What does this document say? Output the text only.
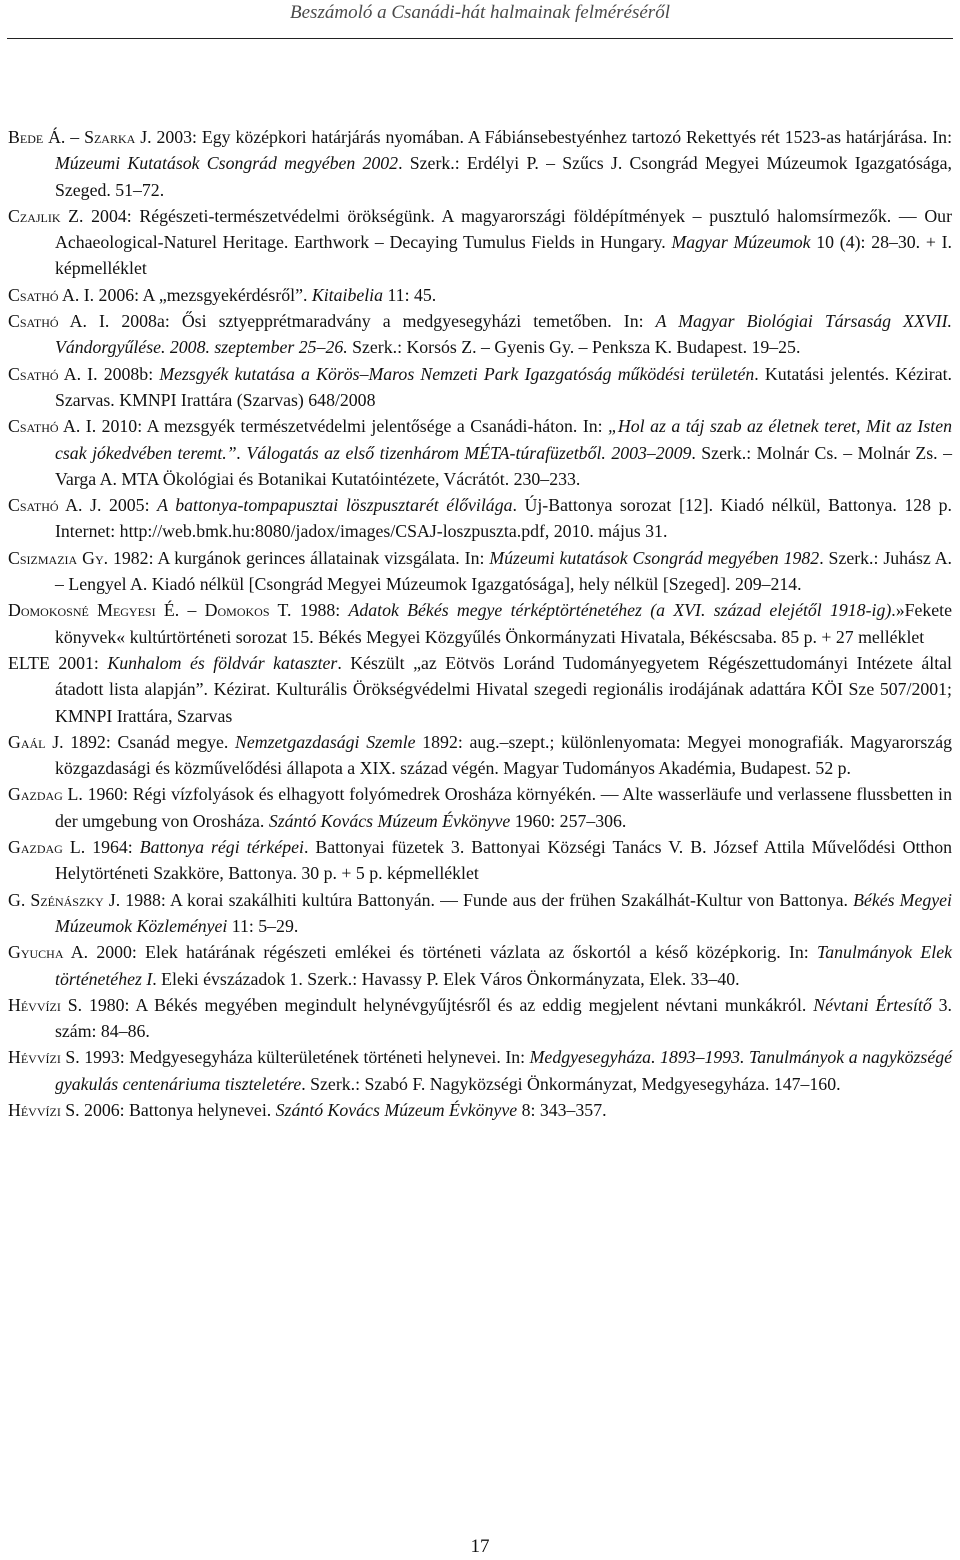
Beszámoló a Csanádi-hát halmainak felméréséről
Bede Á. – Szarka J. 2003: Egy középkori határjárás nyomában. A Fábiánsebestyénhez tartozó Rekettyés rét 1523-as határjárása. In: Múzeumi Kutatások Csongrád megyében 2002. Szerk.: Erdélyi P. – Szűcs J. Csongrád Megyei Múzeumok Igazgatósága, Szeged. 51–72.
Czajlik Z. 2004: Régészeti-természetvédelmi örökségünk. A magyarországi földépítmények – pusztuló halomsírmezők. — Our Achaeological-Naturel Heritage. Earthwork – Decaying Tumulus Fields in Hungary. Magyar Múzeumok 10 (4): 28–30. + I. képmelléklet
Csathó A. I. 2006: A „mezsgyekérdésről”. Kitaibelia 11: 45.
Csathó A. I. 2008a: Ősi sztyepprétmaradvány a medgyesegyházi temetőben. In: A Magyar Biológiai Társaság XXVII. Vándorgyűlése. 2008. szeptember 25–26. Szerk.: Korsós Z. – Gyenis Gy. – Penksza K. Budapest. 19–25.
Csathó A. I. 2008b: Mezsgyék kutatása a Körös–Maros Nemzeti Park Igazgatóság működési területén. Kutatási jelentés. Kézirat. Szarvas. KMNPI Irattára (Szarvas) 648/2008
Csathó A. I. 2010: A mezsgyék természetvédelmi jelentősége a Csanádi-háton. In: „Hol az a táj szab az életnek teret, Mit az Isten csak jókedvében teremt.”. Válogatás az első tizenhárom MÉTA-túrafüzetből. 2003–2009. Szerk.: Molnár Cs. – Molnár Zs. – Varga A. MTA Ökológiai és Botanikai Kutatóintézete, Vácrátót. 230–233.
Csathó A. J. 2005: A battonya-tompapusztai löszpusztarét élővilága. Új-Battonya sorozat [12]. Kiadó nélkül, Battonya. 128 p. Internet: http://web.bmk.hu:8080/jadox/images/CSAJ-loszpuszta.pdf, 2010. május 31.
Csizmazia Gy. 1982: A kurgánok gerinces állatainak vizsgálata. In: Múzeumi kutatások Csongrád megyében 1982. Szerk.: Juhász A. – Lengyel A. Kiadó nélkül [Csongrád Megyei Múzeumok Igazgatósága], hely nélkül [Szeged]. 209–214.
Domokosné Megyesi É. – Domokos T. 1988: Adatok Békés megye térképtörténetéhez (a XVI. század elejétől 1918-ig).»Fekete könyvek« kultúrtörténeti sorozat 15. Békés Megyei Közgyűlés Önkormányzati Hivatala, Békéscsaba. 85 p. + 27 melléklet
ELTE 2001: Kunhalom és földvár kataszter. Készült „az Eötvös Loránd Tudományegyetem Régészettudományi Intézete által átadott lista alapján”. Kézirat. Kulturális Örökségvédelmi Hivatal szegedi regionális irodájának adattára KÖI Sze 507/2001; KMNPI Irattára, Szarvas
Gaál J. 1892: Csanád megye. Nemzetgazdasági Szemle 1892: aug.–szept.; különlenyomata: Megyei monografiák. Magyarország közgazdasági és közművelődési állapota a XIX. század végén. Magyar Tudományos Akadémia, Budapest. 52 p.
Gazdag L. 1960: Régi vízfolyások és elhagyott folyómedrek Orosháza környékén. — Alte wasserläufe und verlassene flussbetten in der umgebung von Orosháza. Szántó Kovács Múzeum Évkönyve 1960: 257–306.
Gazdag L. 1964: Battonya régi térképei. Battonyai füzetek 3. Battonyai Községi Tanács V. B. József Attila Művelődési Otthon Helytörténeti Szakköre, Battonya. 30 p. + 5 p. képmelléklet
G. Szénászky J. 1988: A korai szakálhiti kultúra Battonyán. — Funde aus der frühen Szakálhát-Kultur von Battonya. Békés Megyei Múzeumok Közleményei 11: 5–29.
Gyucha A. 2000: Elek határának régészeti emlékei és történeti vázlata az őskortól a késő középkorig. In: Tanulmányok Elek történetéhez I. Eleki évszázadok 1. Szerk.: Havassy P. Elek Város Önkormányzata, Elek. 33–40.
Hévvízi S. 1980: A Békés megyében megindult helynévgyűjtésről és az eddig megjelent névtani munkákról. Névtani Értesítő 3. szám: 84–86.
Hévvízi S. 1993: Medgyesegyháza külterületének történeti helynevei. In: Medgyesegyháza. 1893–1993. Tanulmányok a nagyközségé gyakulás centenáriuma tiszteletére. Szerk.: Szabó F. Nagyközségi Önkormányzat, Medgyesegyháza. 147–160.
Hévvízi S. 2006: Battonya helynevei. Szántó Kovács Múzeum Évkönyve 8: 343–357.
17
